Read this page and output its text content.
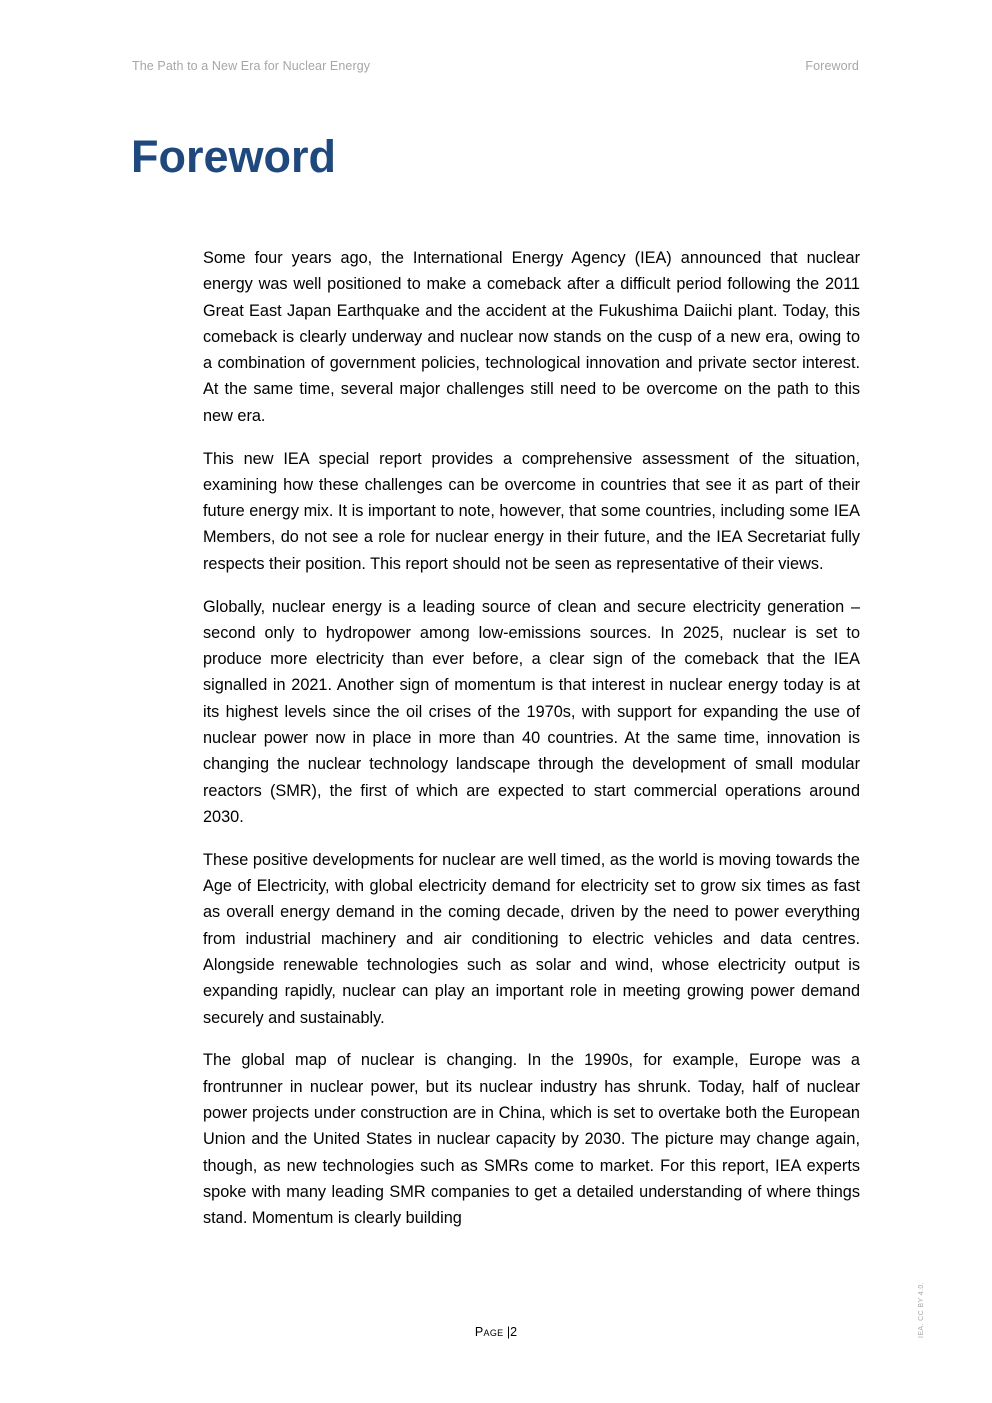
The Path to a New Era for Nuclear Energy	Foreword
Foreword

Some four years ago, the International Energy Agency (IEA) announced that nuclear energy was well positioned to make a comeback after a difficult period following the 2011 Great East Japan Earthquake and the accident at the Fukushima Daiichi plant. Today, this comeback is clearly underway and nuclear now stands on the cusp of a new era, owing to a combination of government policies, technological innovation and private sector interest. At the same time, several major challenges still need to be overcome on the path to this new era.

This new IEA special report provides a comprehensive assessment of the situation, examining how these challenges can be overcome in countries that see it as part of their future energy mix. It is important to note, however, that some countries, including some IEA Members, do not see a role for nuclear energy in their future, and the IEA Secretariat fully respects their position. This report should not be seen as representative of their views.

Globally, nuclear energy is a leading source of clean and secure electricity generation – second only to hydropower among low-emissions sources. In 2025, nuclear is set to produce more electricity than ever before, a clear sign of the comeback that the IEA signalled in 2021. Another sign of momentum is that interest in nuclear energy today is at its highest levels since the oil crises of the 1970s, with support for expanding the use of nuclear power now in place in more than 40 countries. At the same time, innovation is changing the nuclear technology landscape through the development of small modular reactors (SMR), the first of which are expected to start commercial operations around 2030.

These positive developments for nuclear are well timed, as the world is moving towards the Age of Electricity, with global electricity demand for electricity set to grow six times as fast as overall energy demand in the coming decade, driven by the need to power everything from industrial machinery and air conditioning to electric vehicles and data centres. Alongside renewable technologies such as solar and wind, whose electricity output is expanding rapidly, nuclear can play an important role in meeting growing power demand securely and sustainably.

The global map of nuclear is changing. In the 1990s, for example, Europe was a frontrunner in nuclear power, but its nuclear industry has shrunk. Today, half of nuclear power projects under construction are in China, which is set to overtake both the European Union and the United States in nuclear capacity by 2030. The picture may change again, though, as new technologies such as SMRs come to market. For this report, IEA experts spoke with many leading SMR companies to get a detailed understanding of where things stand. Momentum is clearly building

Page |2	IEA. CC BY 4.0.
